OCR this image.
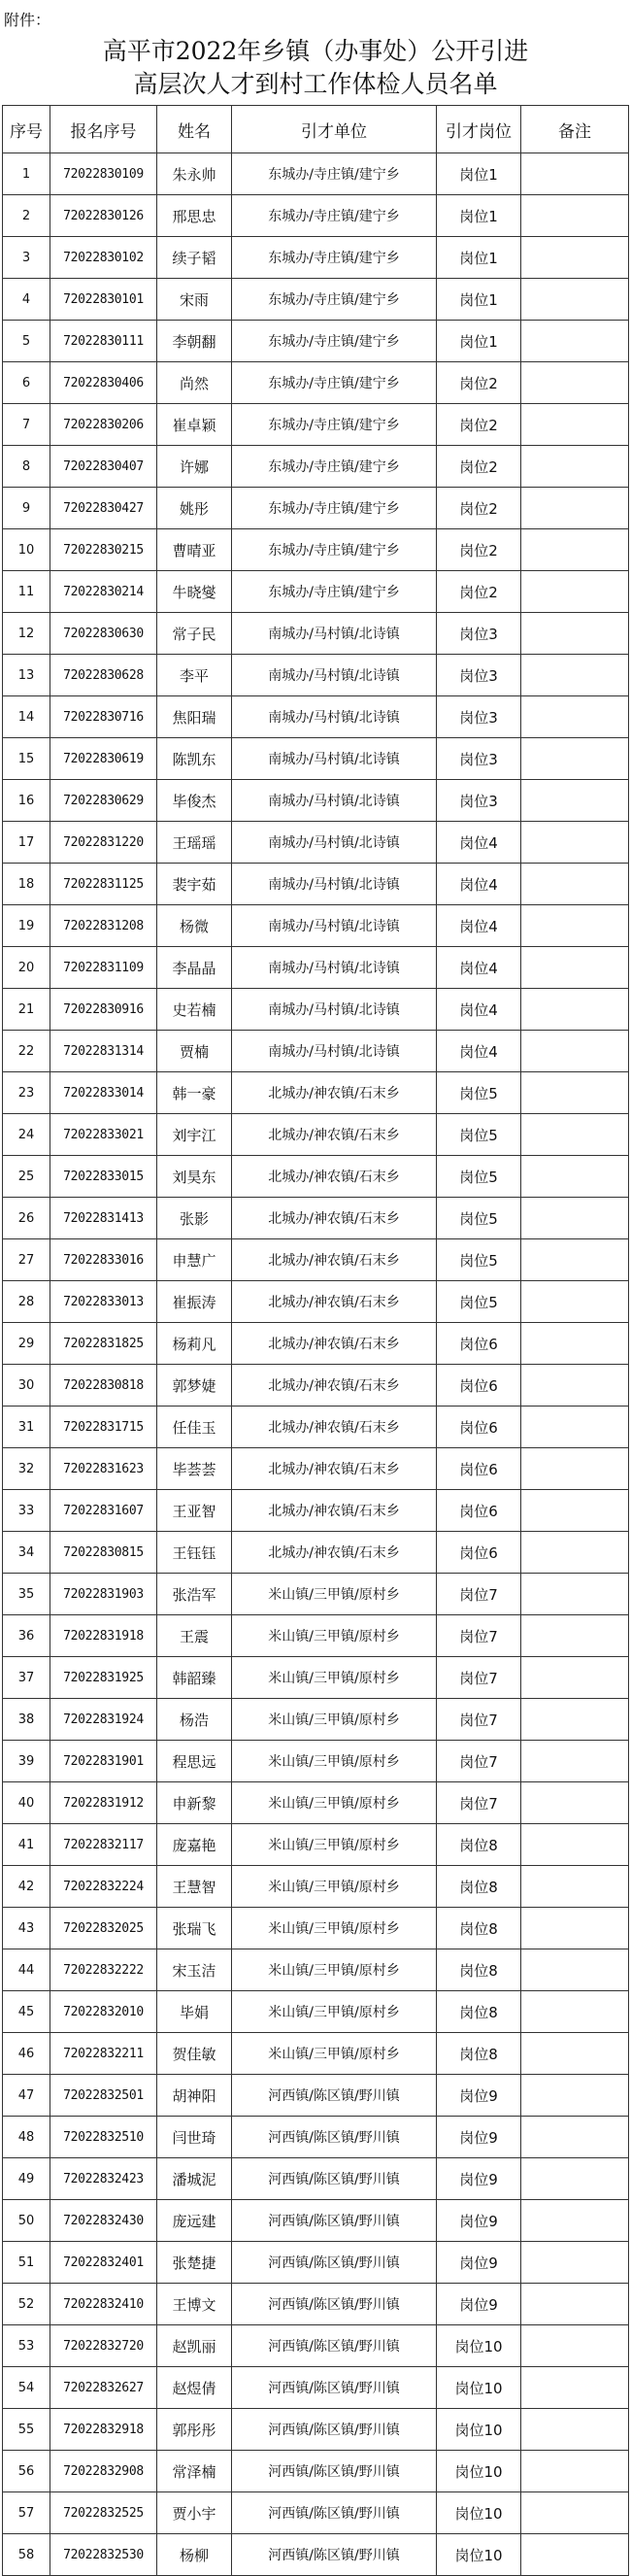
附件：
高平市2022年乡镇（办事处）公开引进
高层次人才到村工作体检人员名单
序号	报名序号	姓名	引才单位	引才岗位	备注
1	72022830109	朱永帅	东城办/寺庄镇/建宁乡	岗位1	
2	72022830126	邢思忠	东城办/寺庄镇/建宁乡	岗位1	
3	72022830102	续子韬	东城办/寺庄镇/建宁乡	岗位1	
4	72022830101	宋雨	东城办/寺庄镇/建宁乡	岗位1	
5	72022830111	李朝翻	东城办/寺庄镇/建宁乡	岗位1	
6	72022830406	尚然	东城办/寺庄镇/建宁乡	岗位2	
7	72022830206	崔卓颖	东城办/寺庄镇/建宁乡	岗位2	
8	72022830407	许娜	东城办/寺庄镇/建宁乡	岗位2	
9	72022830427	姚彤	东城办/寺庄镇/建宁乡	岗位2	
10	72022830215	曹晴亚	东城办/寺庄镇/建宁乡	岗位2	
11	72022830214	牛晓燮	东城办/寺庄镇/建宁乡	岗位2	
12	72022830630	常子民	南城办/马村镇/北诗镇	岗位3	
13	72022830628	李平	南城办/马村镇/北诗镇	岗位3	
14	72022830716	焦阳瑞	南城办/马村镇/北诗镇	岗位3	
15	72022830619	陈凯东	南城办/马村镇/北诗镇	岗位3	
16	72022830629	毕俊杰	南城办/马村镇/北诗镇	岗位3	
17	72022831220	王瑶瑶	南城办/马村镇/北诗镇	岗位4	
18	72022831125	裴宇茹	南城办/马村镇/北诗镇	岗位4	
19	72022831208	杨微	南城办/马村镇/北诗镇	岗位4	
20	72022831109	李晶晶	南城办/马村镇/北诗镇	岗位4	
21	72022830916	史若楠	南城办/马村镇/北诗镇	岗位4	
22	72022831314	贾楠	南城办/马村镇/北诗镇	岗位4	
23	72022833014	韩一豪	北城办/神农镇/石末乡	岗位5	
24	72022833021	刘宇江	北城办/神农镇/石末乡	岗位5	
25	72022833015	刘昊东	北城办/神农镇/石末乡	岗位5	
26	72022831413	张影	北城办/神农镇/石末乡	岗位5	
27	72022833016	申慧广	北城办/神农镇/石末乡	岗位5	
28	72022833013	崔振涛	北城办/神农镇/石末乡	岗位5	
29	72022831825	杨莉凡	北城办/神农镇/石末乡	岗位6	
30	72022830818	郭梦婕	北城办/神农镇/石末乡	岗位6	
31	72022831715	任佳玉	北城办/神农镇/石末乡	岗位6	
32	72022831623	毕荟荟	北城办/神农镇/石末乡	岗位6	
33	72022831607	王亚智	北城办/神农镇/石末乡	岗位6	
34	72022830815	王钰钰	北城办/神农镇/石末乡	岗位6	
35	72022831903	张浩军	米山镇/三甲镇/原村乡	岗位7	
36	72022831918	王震	米山镇/三甲镇/原村乡	岗位7	
37	72022831925	韩韶臻	米山镇/三甲镇/原村乡	岗位7	
38	72022831924	杨浩	米山镇/三甲镇/原村乡	岗位7	
39	72022831901	程思远	米山镇/三甲镇/原村乡	岗位7	
40	72022831912	申新黎	米山镇/三甲镇/原村乡	岗位7	
41	72022832117	庞嘉艳	米山镇/三甲镇/原村乡	岗位8	
42	72022832224	王慧智	米山镇/三甲镇/原村乡	岗位8	
43	72022832025	张瑞飞	米山镇/三甲镇/原村乡	岗位8	
44	72022832222	宋玉洁	米山镇/三甲镇/原村乡	岗位8	
45	72022832010	毕娟	米山镇/三甲镇/原村乡	岗位8	
46	72022832211	贺佳敏	米山镇/三甲镇/原村乡	岗位8	
47	72022832501	胡神阳	河西镇/陈区镇/野川镇	岗位9	
48	72022832510	闫世琦	河西镇/陈区镇/野川镇	岗位9	
49	72022832423	潘城泥	河西镇/陈区镇/野川镇	岗位9	
50	72022832430	庞远建	河西镇/陈区镇/野川镇	岗位9	
51	72022832401	张楚捷	河西镇/陈区镇/野川镇	岗位9	
52	72022832410	王博文	河西镇/陈区镇/野川镇	岗位9	
53	72022832720	赵凯丽	河西镇/陈区镇/野川镇	岗位10	
54	72022832627	赵煜倩	河西镇/陈区镇/野川镇	岗位10	
55	72022832918	郭彤彤	河西镇/陈区镇/野川镇	岗位10	
56	72022832908	常泽楠	河西镇/陈区镇/野川镇	岗位10	
57	72022832525	贾小宇	河西镇/陈区镇/野川镇	岗位10	
58	72022832530	杨柳	河西镇/陈区镇/野川镇	岗位10	
